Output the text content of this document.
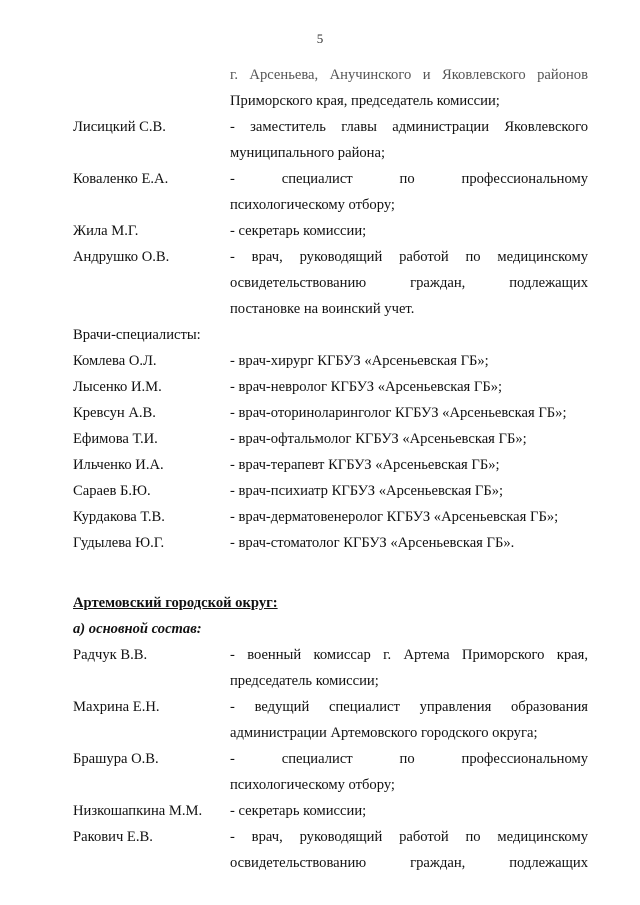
5
г. Арсеньева, Анучинского и Яковлевского районов
Приморского края, председатель комиссии;
Лисицкий С.В.	- заместитель главы администрации Яковлевского
муниципального района;
Коваленко Е.А.	- специалист по профессиональному
психологическому отбору;
Жила М.Г.	- секретарь комиссии;
Андрушко О.В.	- врач, руководящий работой по медицинскому
освидетельствованию граждан, подлежащих
постановке на воинский учет.
Врачи-специалисты:
Комлева О.Л.	- врач-хирург КГБУЗ «Арсеньевская ГБ»;
Лысенко И.М.	- врач-невролог КГБУЗ «Арсеньевская ГБ»;
Кревсун А.В.	- врач-оториноларинголог КГБУЗ «Арсеньевская ГБ»;
Ефимова Т.И.	- врач-офтальмолог КГБУЗ «Арсеньевская ГБ»;
Ильченко И.А.	- врач-терапевт КГБУЗ «Арсеньевская ГБ»;
Сараев Б.Ю.	- врач-психиатр КГБУЗ «Арсеньевская ГБ»;
Курдакова Т.В.	- врач-дерматовенеролог КГБУЗ «Арсеньевская ГБ»;
Гудылева Ю.Г.	- врач-стоматолог КГБУЗ «Арсеньевская ГБ».
Артемовский городской округ:
а) основной состав:
Радчук В.В.	- военный комиссар г. Артема Приморского края,
председатель комиссии;
Махрина Е.Н.	- ведущий специалист управления образования
администрации Артемовского городского округа;
Брашура О.В.	- специалист по профессиональному
психологическому отбору;
Низкошапкина М.М.	- секретарь комиссии;
Ракович Е.В.	- врач, руководящий работой по медицинскому
освидетельствованию граждан, подлежащих
